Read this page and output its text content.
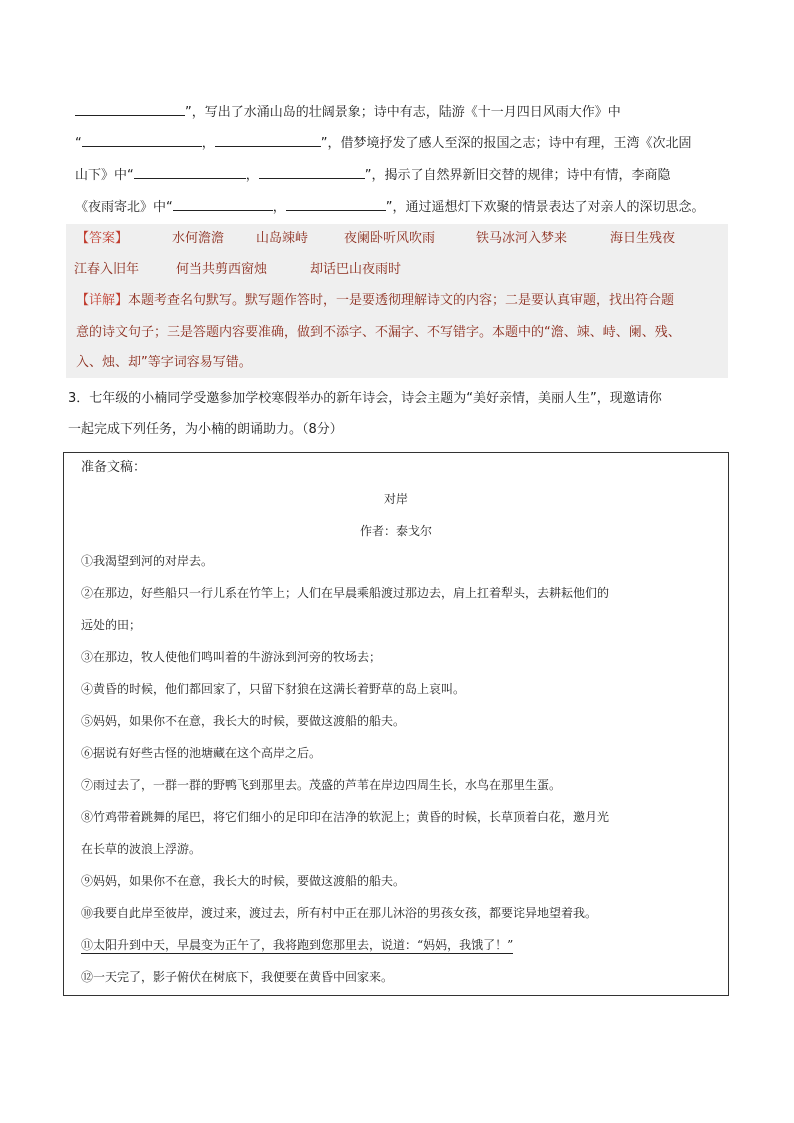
”，写出了水涌山岛的壮阔景象；诗中有志，陆游《十一月四日风雨大作》中
“	，	”，借梦境抒发了感人至深的报国之志；诗中有理，王湾《次北固
山下》中“	，	”，揭示了自然界新旧交替的规律；诗中有情，李商隐
《夜雨寄北》中“	，	”，通过遥想灯下欢聚的情景表达了对亲人的深切思念。
【答案】	水何澹澹 山岛竦峙	夜阑卧听风吹雨	铁马冰河入梦来	海日生残夜
江春入旧年	何当共剪西窗烛	却话巴山夜雨时
【详解】本题考查名句默写。默写题作答时，一是要透彻理解诗文的内容；二是要认真审题，找出符合题
意的诗文句子；三是答题内容要准确，做到不添字、不漏字、不写错字。本题中的“澹、竦、峙、阑、残、
入、烛、却”等字词容易写错。
3．七年级的小楠同学受邀参加学校寒假举办的新年诗会，诗会主题为“美好亲情，美丽人生”，现邀请你
一起完成下列任务，为小楠的朗诵助力。（8分）
准备文稿：
对岸
作者：泰戈尔
①我渴望到河的对岸去。
②在那边，好些船只一行儿系在竹竿上；人们在早晨乘船渡过那边去，肩上扛着犁头，去耕耘他们的
远处的田；
③在那边，牧人使他们鸣叫着的牛游泳到河旁的牧场去；
④黄昏的时候，他们都回家了，只留下豺狼在这满长着野草的岛上哀叫。
⑤妈妈，如果你不在意，我长大的时候，要做这渡船的船夫。
⑥据说有好些古怪的池塘藏在这个高岸之后。
⑦雨过去了，一群一群的野鸭飞到那里去。茂盛的芦苇在岸边四周生长，水鸟在那里生蛋。
⑧竹鸡带着跳舞的尾巴，将它们细小的足印印在洁净的软泥上；黄昏的时候，长草顶着白花，邀月光
在长草的波浪上浮游。
⑨妈妈，如果你不在意，我长大的时候，要做这渡船的船夫。
⑩我要自此岸至彼岸，渡过来，渡过去，所有村中正在那儿沐浴的男孩女孩，都要诧异地望着我。
⑪太阳升到中天，早晨变为正午了，我将跑到您那里去，说道：“妈妈，我饿了！”
⑫一天完了，影子俯伏在树底下，我便要在黄昏中回家来。
